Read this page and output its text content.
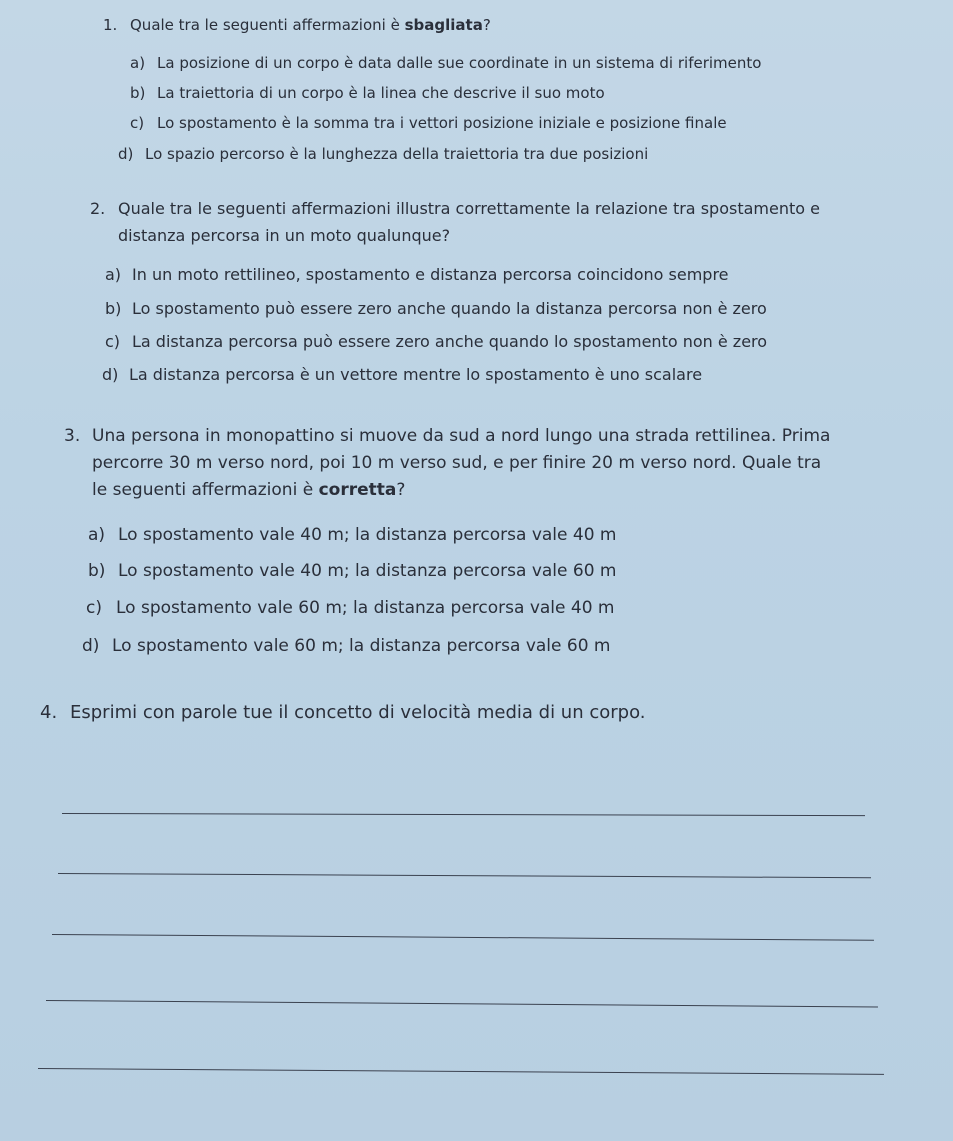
1. Quale tra le seguenti affermazioni è sbagliata?
a) La posizione di un corpo è data dalle sue coordinate in un sistema di riferimento
b) La traiettoria di un corpo è la linea che descrive il suo moto
c) Lo spostamento è la somma tra i vettori posizione iniziale e posizione finale
d) Lo spazio percorso è la lunghezza della traiettoria tra due posizioni
2. Quale tra le seguenti affermazioni illustra correttamente la relazione tra spostamento e
distanza percorsa in un moto qualunque?
a) In un moto rettilineo, spostamento e distanza percorsa coincidono sempre
b) Lo spostamento può essere zero anche quando la distanza percorsa non è zero
c) La distanza percorsa può essere zero anche quando lo spostamento non è zero
d) La distanza percorsa è un vettore mentre lo spostamento è uno scalare
3. Una persona in monopattino si muove da sud a nord lungo una strada rettilinea. Prima
percorre 30 m verso nord, poi 10 m verso sud, e per finire 20 m verso nord. Quale tra
le seguenti affermazioni è corretta?
a) Lo spostamento vale 40 m; la distanza percorsa vale 40 m
b) Lo spostamento vale 40 m; la distanza percorsa vale 60 m
c) Lo spostamento vale 60 m; la distanza percorsa vale 40 m
d) Lo spostamento vale 60 m; la distanza percorsa vale 60 m
4. Esprimi con parole tue il concetto di velocità media di un corpo.
